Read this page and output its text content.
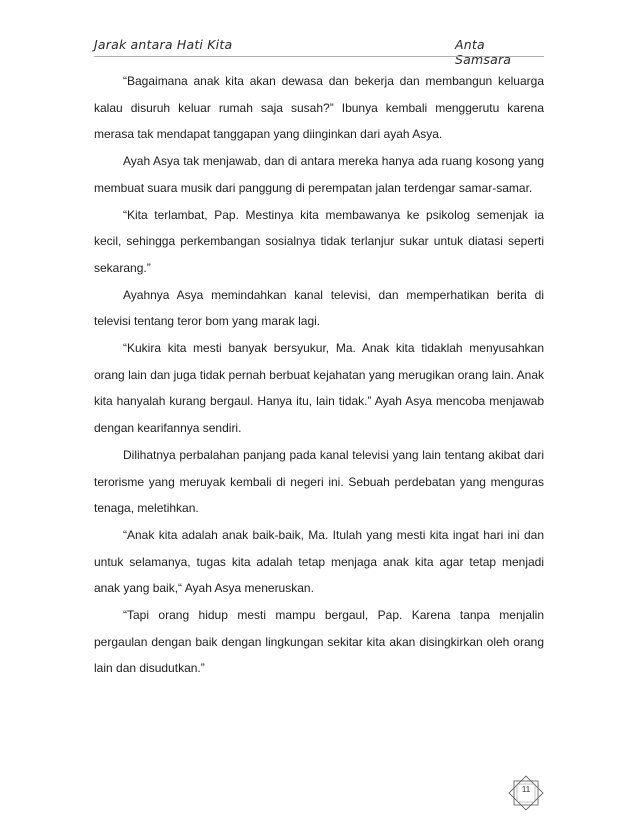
Jarak antara Hati Kita	Anta Samsara

“Bagaimana anak kita akan dewasa dan bekerja dan membangun keluarga kalau disuruh keluar rumah saja susah?” Ibunya kembali menggerutu karena merasa tak mendapat tanggapan yang diinginkan dari ayah Asya.

Ayah Asya tak menjawab, dan di antara mereka hanya ada ruang kosong yang membuat suara musik dari panggung di perempatan jalan terdengar samar-samar.

“Kita terlambat, Pap. Mestinya kita membawanya ke psikolog semenjak ia kecil, sehingga perkembangan sosialnya tidak terlanjur sukar untuk diatasi seperti sekarang.”

Ayahnya Asya memindahkan kanal televisi, dan memperhatikan berita di televisi tentang teror bom yang marak lagi.

“Kukira kita mesti banyak bersyukur, Ma. Anak kita tidaklah menyusahkan orang lain dan juga tidak pernah berbuat kejahatan yang merugikan orang lain. Anak kita hanyalah kurang bergaul. Hanya itu, lain tidak.” Ayah Asya mencoba menjawab dengan kearifannya sendiri.

Dilihatnya perbalahan panjang pada kanal televisi yang lain tentang akibat dari terorisme yang meruyak kembali di negeri ini. Sebuah perdebatan yang menguras tenaga, meletihkan.

“Anak kita adalah anak baik-baik, Ma. Itulah yang mesti kita ingat hari ini dan untuk selamanya, tugas kita adalah tetap menjaga anak kita agar tetap menjadi anak yang baik,“ Ayah Asya meneruskan.

“Tapi orang hidup mesti mampu bergaul, Pap. Karena tanpa menjalin pergaulan dengan baik dengan lingkungan sekitar kita akan disingkirkan oleh orang lain dan disudutkan.”

11
